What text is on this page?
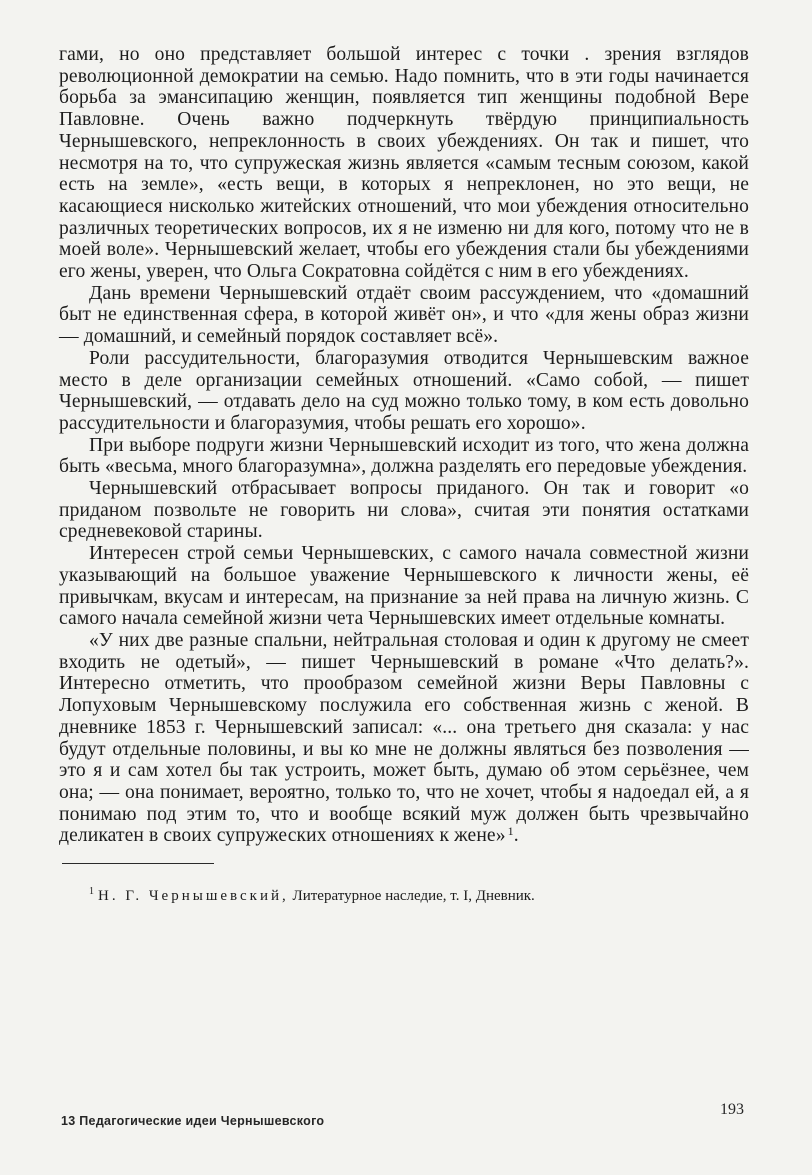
гами, но оно представляет большой интерес с точки . зрения взглядов революционной демократии на семью. Надо помнить, что в эти годы начинается борьба за эмансипацию женщин, появляется тип женщины подобной Вере Павловне. Очень важно подчеркнуть твёрдую принципиальность Чернышевского, непреклонность в своих убеждениях. Он так и пишет, что несмотря на то, что супружеская жизнь является «самым тесным союзом, какой есть на земле», «есть вещи, в которых я непреклонен, но это вещи, не касающиеся нисколько житейских отношений, что мои убеждения относительно различных теоретических вопросов, их я не изменю ни для кого, потому что не в моей воле». Чернышевский желает, чтобы его убеждения стали бы убеждениями его жены, уверен, что Ольга Сократовна сойдётся с ним в его убеждениях.

Дань времени Чернышевский отдаёт своим рассуждением, что «домашний быт не единственная сфера, в которой живёт он», и что «для жены образ жизни — домашний, и семейный порядок составляет всё».

Роли рассудительности, благоразумия отводится Чернышевским важное место в деле организации семейных отношений. «Само собой, — пишет Чернышевский, — отдавать дело на суд можно только тому, в ком есть довольно рассудительности и благоразумия, чтобы решать его хорошо».

При выборе подруги жизни Чернышевский исходит из того, что жена должна быть «весьма, много благоразумна», должна разделять его передовые убеждения.

Чернышевский отбрасывает вопросы приданого. Он так и говорит «о приданом позвольте не говорить ни слова», считая эти понятия остатками средневековой старины.

Интересен строй семьи Чернышевских, с самого начала совместной жизни указывающий на большое уважение Чернышевского к личности жены, её привычкам, вкусам и интересам, на признание за ней права на личную жизнь. С самого начала семейной жизни чета Чернышевских имеет отдельные комнаты.

«У них две разные спальни, нейтральная столовая и один к другому не смеет входить не одетый», — пишет Чернышевский в романе «Что делать?». Интересно отметить, что прообразом семейной жизни Веры Павловны с Лопуховым Чернышевскому послужила его собственная жизнь с женой. В дневнике 1853 г. Чернышевский записал: «... она третьего дня сказала: у нас будут отдельные половины, и вы ко мне не должны являться без позволения — это я и сам хотел бы так устроить, может быть, думаю об этом серьёзнее, чем она; — она понимает, вероятно, только то, что не хочет, чтобы я надоедал ей, а я понимаю под этим то, что и вообще всякий муж должен быть чрезвычайно деликатен в своих супружеских отношениях к жене» $^1$.

$^1$ Н. Г. Чернышевский, Литературное наследие, т. I, Дневник.
13 Педагогические идеи Чернышевского
193
